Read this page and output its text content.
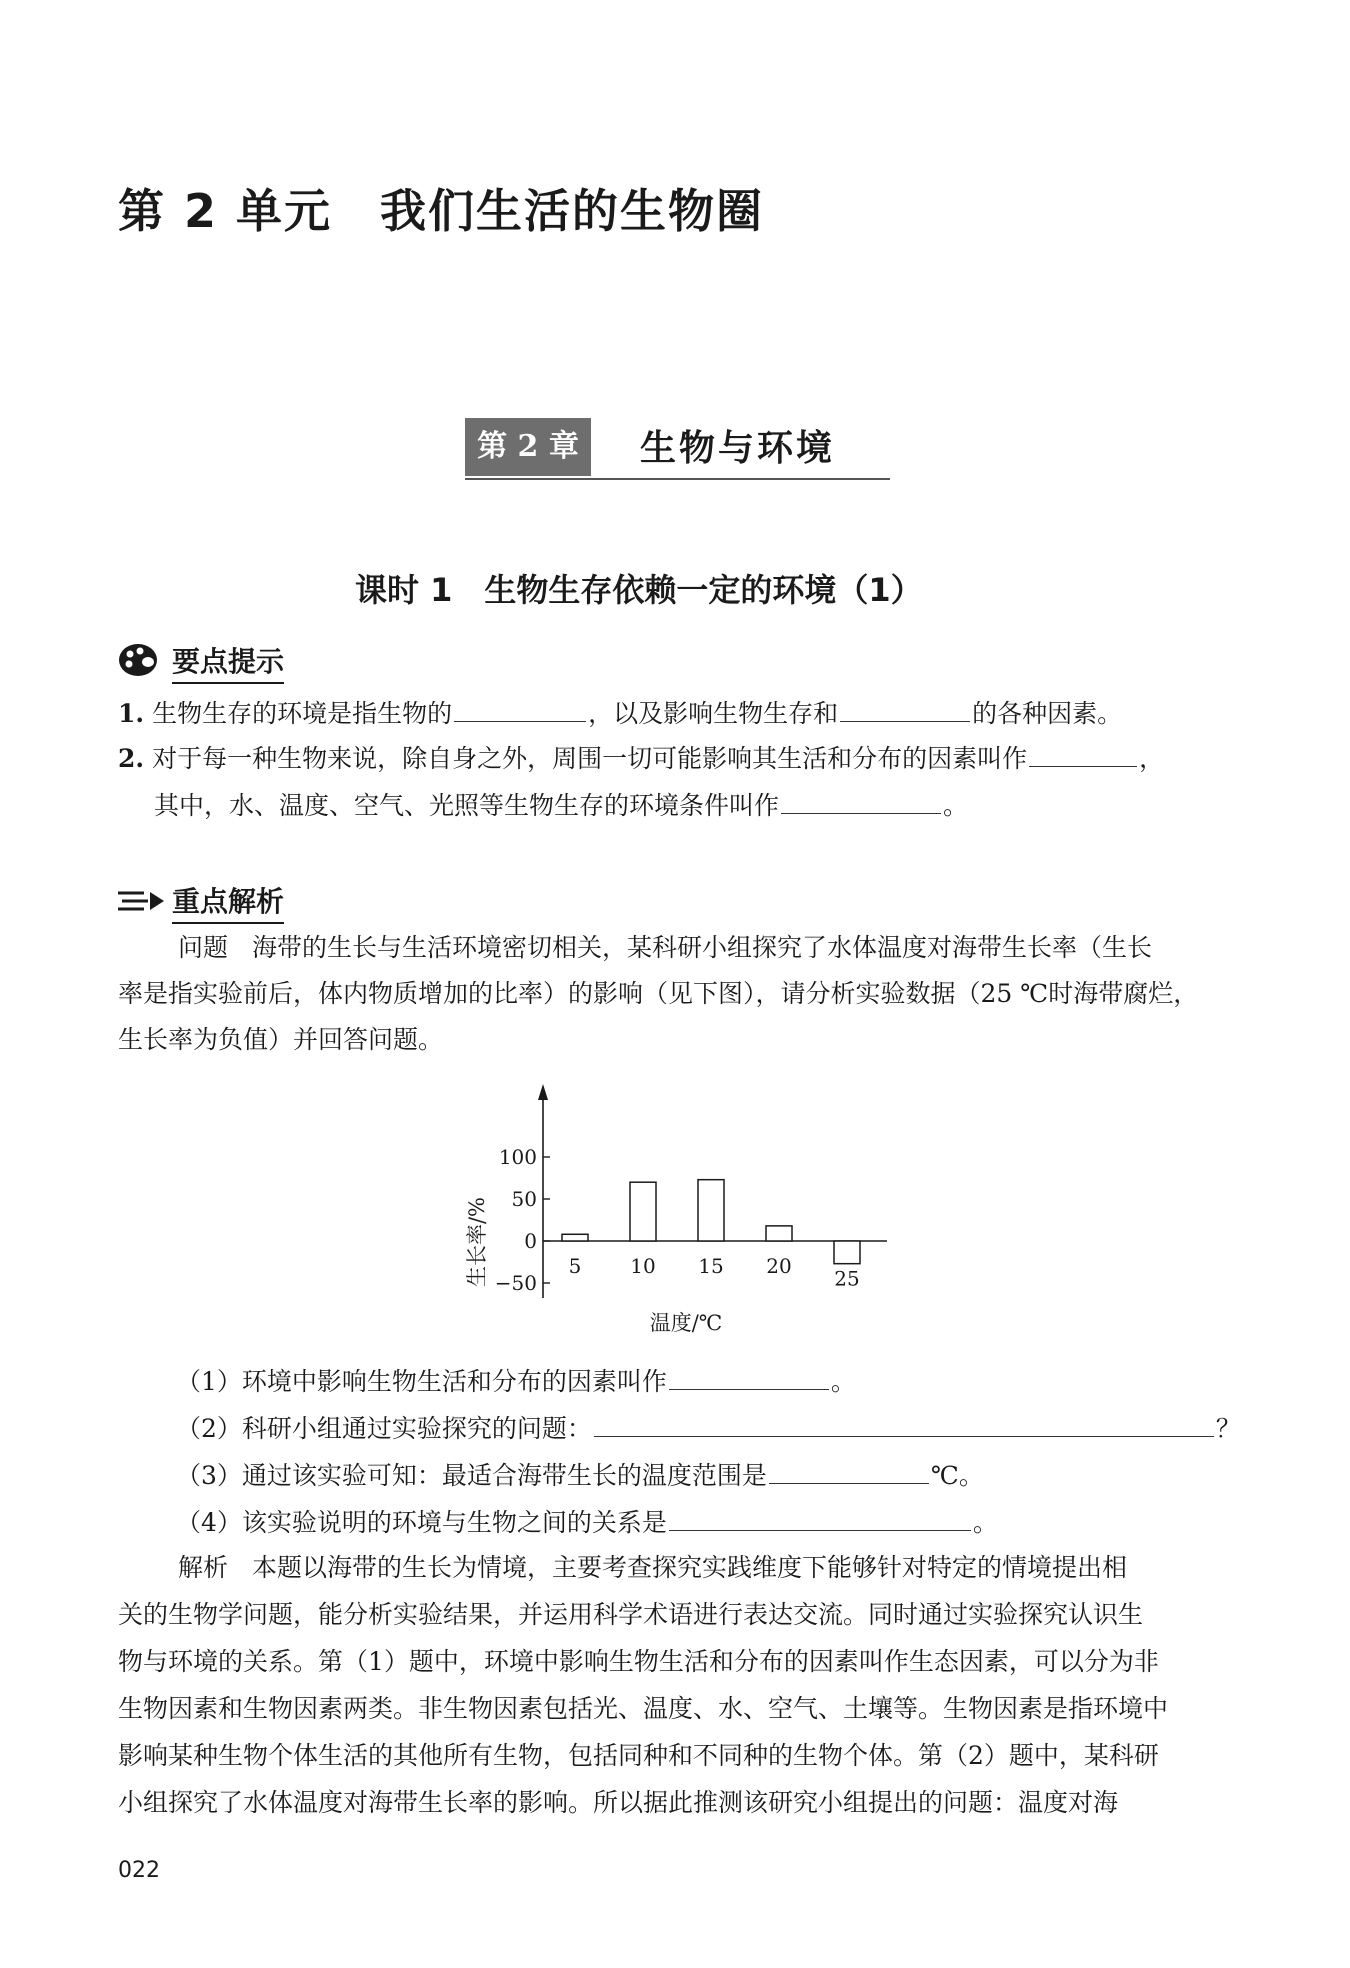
第 2 单元　我们生活的生物圈
第 2 章	生物与环境
课时 1　生物生存依赖一定的环境（1）
要点提示
1. 生物生存的环境是指生物的	，以及影响生物生存和	的各种因素。
2. 对于每一种生物来说，除自身之外，周围一切可能影响其生活和分布的因素叫作	，
其中，水、温度、空气、光照等生物生存的环境条件叫作	。
重点解析
问题 海带的生长与生活环境密切相关，某科研小组探究了水体温度对海带生长率（生长
率是指实验前后，体内物质增加的比率）的影响（见下图），请分析实验数据（25 ℃时海带腐烂，
生长率为负值）并回答问题。
100
50
0
−50
5 10 15 20
25
生长率/%
温度/℃
（1）环境中影响生物生活和分布的因素叫作	。
（2）科研小组通过实验探究的问题：	？
（3）通过该实验可知：最适合海带生长的温度范围是	℃。
（4）该实验说明的环境与生物之间的关系是	。
解析 本题以海带的生长为情境，主要考查探究实践维度下能够针对特定的情境提出相
关的生物学问题，能分析实验结果，并运用科学术语进行表达交流。同时通过实验探究认识生
物与环境的关系。第（1）题中，环境中影响生物生活和分布的因素叫作生态因素，可以分为非
生物因素和生物因素两类。非生物因素包括光、温度、水、空气、土壤等。生物因素是指环境中
影响某种生物个体生活的其他所有生物，包括同种和不同种的生物个体。第（2）题中，某科研
小组探究了水体温度对海带生长率的影响。所以据此推测该研究小组提出的问题：温度对海
022
